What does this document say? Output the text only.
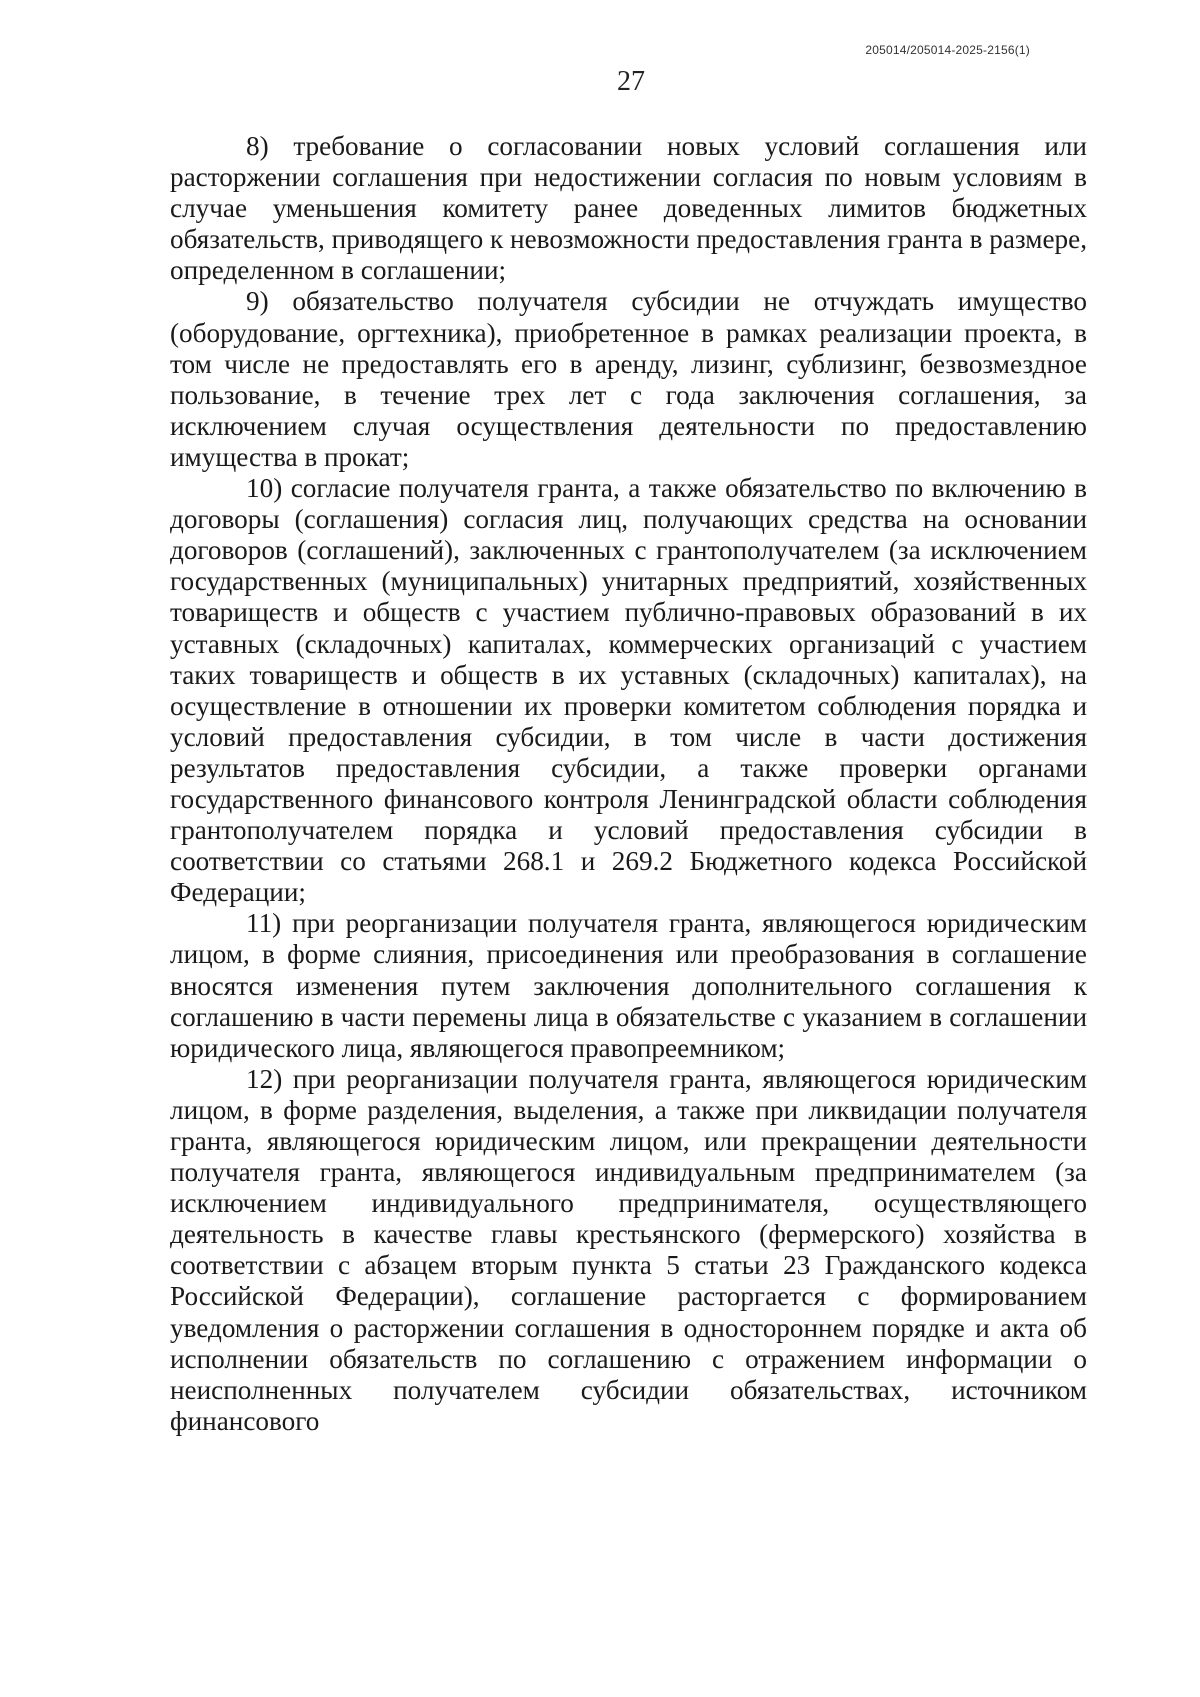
205014/205014-2025-2156(1)
27

8) требование о согласовании новых условий соглашения или расторжении соглашения при недостижении согласия по новым условиям в случае уменьшения комитету ранее доведенных лимитов бюджетных обязательств, приводящего к невозможности предоставления гранта в размере, определенном в соглашении;

9) обязательство получателя субсидии не отчуждать имущество (оборудование, оргтехника), приобретенное в рамках реализации проекта, в том числе не предоставлять его в аренду, лизинг, сублизинг, безвозмездное пользование, в течение трех лет с года заключения соглашения, за исключением случая осуществления деятельности по предоставлению имущества в прокат;

10) согласие получателя гранта, а также обязательство по включению в договоры (соглашения) согласия лиц, получающих средства на основании договоров (соглашений), заключенных с грантополучателем (за исключением государственных (муниципальных) унитарных предприятий, хозяйственных товариществ и обществ с участием публично-правовых образований в их уставных (складочных) капиталах, коммерческих организаций с участием таких товариществ и обществ в их уставных (складочных) капиталах), на осуществление в отношении их проверки комитетом соблюдения порядка и условий предоставления субсидии, в том числе в части достижения результатов предоставления субсидии, а также проверки органами государственного финансового контроля Ленинградской области соблюдения грантополучателем порядка и условий предоставления субсидии в соответствии со статьями 268.1 и 269.2 Бюджетного кодекса Российской Федерации;

11) при реорганизации получателя гранта, являющегося юридическим лицом, в форме слияния, присоединения или преобразования в соглашение вносятся изменения путем заключения дополнительного соглашения к соглашению в части перемены лица в обязательстве с указанием в соглашении юридического лица, являющегося правопреемником;

12) при реорганизации получателя гранта, являющегося юридическим лицом, в форме разделения, выделения, а также при ликвидации получателя гранта, являющегося юридическим лицом, или прекращении деятельности получателя гранта, являющегося индивидуальным предпринимателем (за исключением индивидуального предпринимателя, осуществляющего деятельность в качестве главы крестьянского (фермерского) хозяйства в соответствии с абзацем вторым пункта 5 статьи 23 Гражданского кодекса Российской Федерации), соглашение расторгается с формированием уведомления о расторжении соглашения в одностороннем порядке и акта об исполнении обязательств по соглашению с отражением информации о неисполненных получателем субсидии обязательствах, источником финансового
